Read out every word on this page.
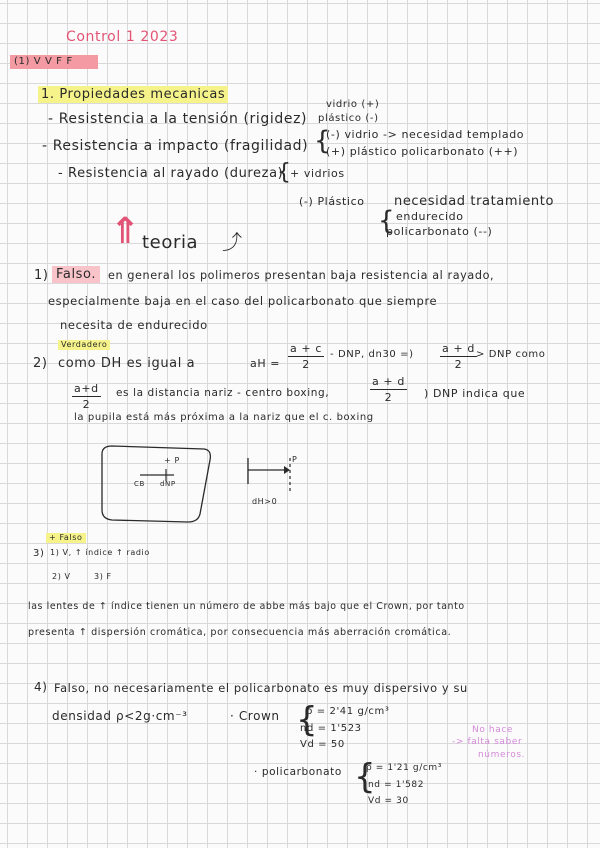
Control 1 2023
(1) V V F F
1. Propiedades mecanicas
- Resistencia a la tensión (rigidez)
vidrio (+)
plástico (-)
- Resistencia a impacto (fragilidad) {
(-) vidrio -> necesidad templado
(+) plástico policarbonato (++)
- Resistencia al rayado (dureza)
{ + vidrios
(-) Plástico necesidad tratamiento
{ endurecido
policarbonato (--)
⇑ teoria ⤴
1) Falso.	en general los polimeros presentan baja resistencia al rayado,
especialmente baja en el caso del policarbonato que siempre
necesita de endurecido
Verdadero
2) como DH es igual a	aH = $\frac{a + c}{2}$ - DNP, dn30 =) $\frac{a + d}{2}$ > DNP como
$\frac{a+d}{2}$ es la distancia nariz - centro boxing,	$\frac{a + d}{2}$ ) DNP indica que
la pupila está más próxima a la nariz que el c. boxing
+ P
CB dNP
P
dH>0
+ Falso
3) 1) V, ↑ índice ↑ radio
2) V	3) F
las lentes de ↑ índice tienen un número de abbe más bajo que el Crown, por tanto
presenta ↑ dispersión cromática, por consecuencia más aberración cromática.
4) Falso, no necesariamente el policarbonato es muy dispersivo y su
densidad ρ<2g·cm⁻³	· Crown {
ρ = 2'41 g/cm³
nd = 1'523
Vd = 50
No hace
-> falta saber
números.
· policarbonato {
ρ = 1'21 g/cm³
nd = 1'582
Vd = 30
